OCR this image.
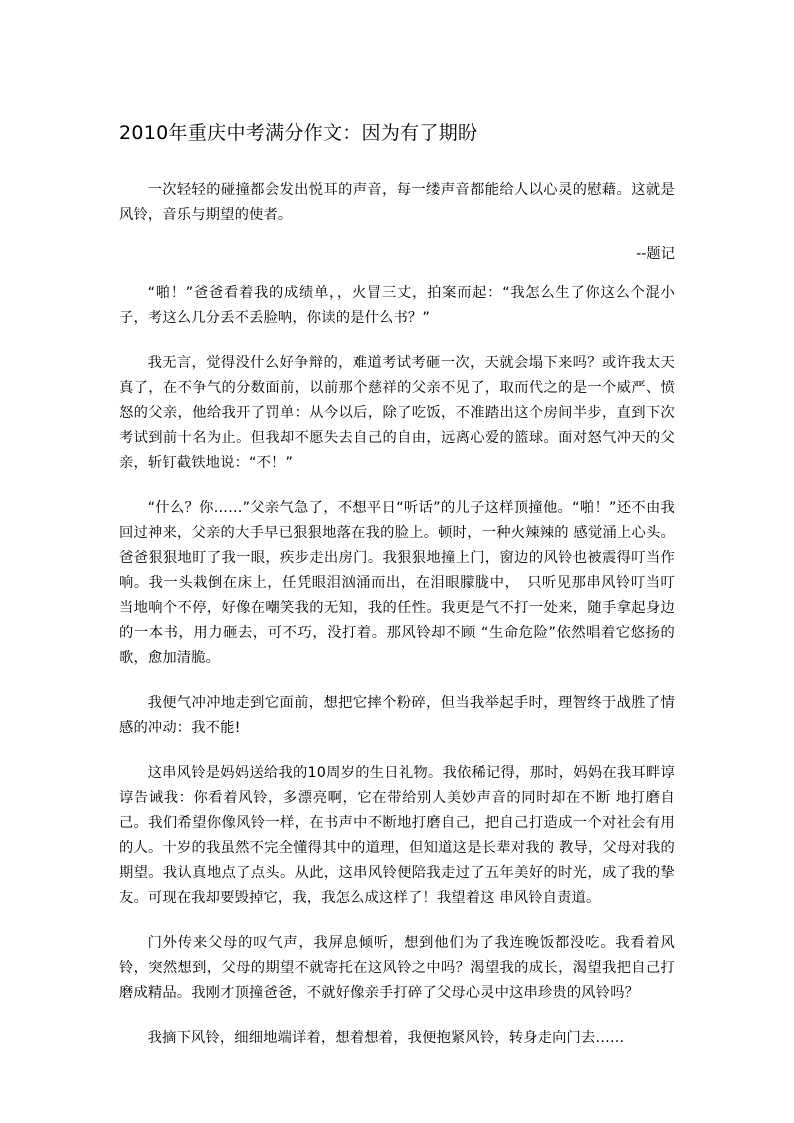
2010年重庆中考满分作文：因为有了期盼

一次轻轻的碰撞都会发出悦耳的声音，每一缕声音都能给人以心灵的慰藉。这就是风铃，音乐与期望的使者。

--题记

“啪！”爸爸看着我的成绩单，，火冒三丈，拍案而起：“我怎么生了你这么个混小子，考这么几分丢不丢脸呐，你读的是什么书？”

我无言，觉得没什么好争辩的，难道考试考砸一次，天就会塌下来吗？或许我太天真了，在不争气的分数面前，以前那个慈祥的父亲不见了，取而代之的是一个威严、愤怒的父亲，他给我开了罚单：从今以后，除了吃饭，不准踏出这个房间半步，直到下次考试到前十名为止。但我却不愿失去自己的自由，远离心爱的篮球。面对怒气冲天的父亲，斩钉截铁地说：“不！”

“什么？你……”父亲气急了，不想平日“听话”的儿子这样顶撞他。“啪！”还不由我回过神来，父亲的大手早已狠狠地落在我的脸上。顿时，一种火辣辣的 感觉涌上心头。爸爸狠狠地盯了我一眼，疾步走出房门。我狠狠地撞上门，窗边的风铃也被震得叮当作响。我一头栽倒在床上，任凭眼泪汹涌而出，在泪眼朦胧中，　只听见那串风铃叮当叮当地响个不停，好像在嘲笑我的无知，我的任性。我更是气不打一处来，随手拿起身边的一本书，用力砸去，可不巧，没打着。那风铃却不顾 “生命危险”依然唱着它悠扬的歌，愈加清脆。

我便气冲冲地走到它面前，想把它摔个粉碎，但当我举起手时，理智终于战胜了情感的冲动：我不能!

这串风铃是妈妈送给我的10周岁的生日礼物。我依稀记得，那时，妈妈在我耳畔谆谆告诫我：你看着风铃，多漂亮啊，它在带给别人美妙声音的同时却在不断 地打磨自己。我们希望你像风铃一样，在书声中不断地打磨自己，把自己打造成一个对社会有用的人。十岁的我虽然不完全懂得其中的道理，但知道这是长辈对我的 教导，父母对我的期望。我认真地点了点头。从此，这串风铃便陪我走过了五年美好的时光，成了我的挚友。可现在我却要毁掉它，我，我怎么成这样了！我望着这 串风铃自责道。

门外传来父母的叹气声，我屏息倾听，想到他们为了我连晚饭都没吃。我看着风铃，突然想到，父母的期望不就寄托在这风铃之中吗？渴望我的成长，渴望我把自己打磨成精品。我刚才顶撞爸爸，不就好像亲手打碎了父母心灵中这串珍贵的风铃吗？

我摘下风铃，细细地端详着，想着想着，我便抱紧风铃，转身走向门去……
